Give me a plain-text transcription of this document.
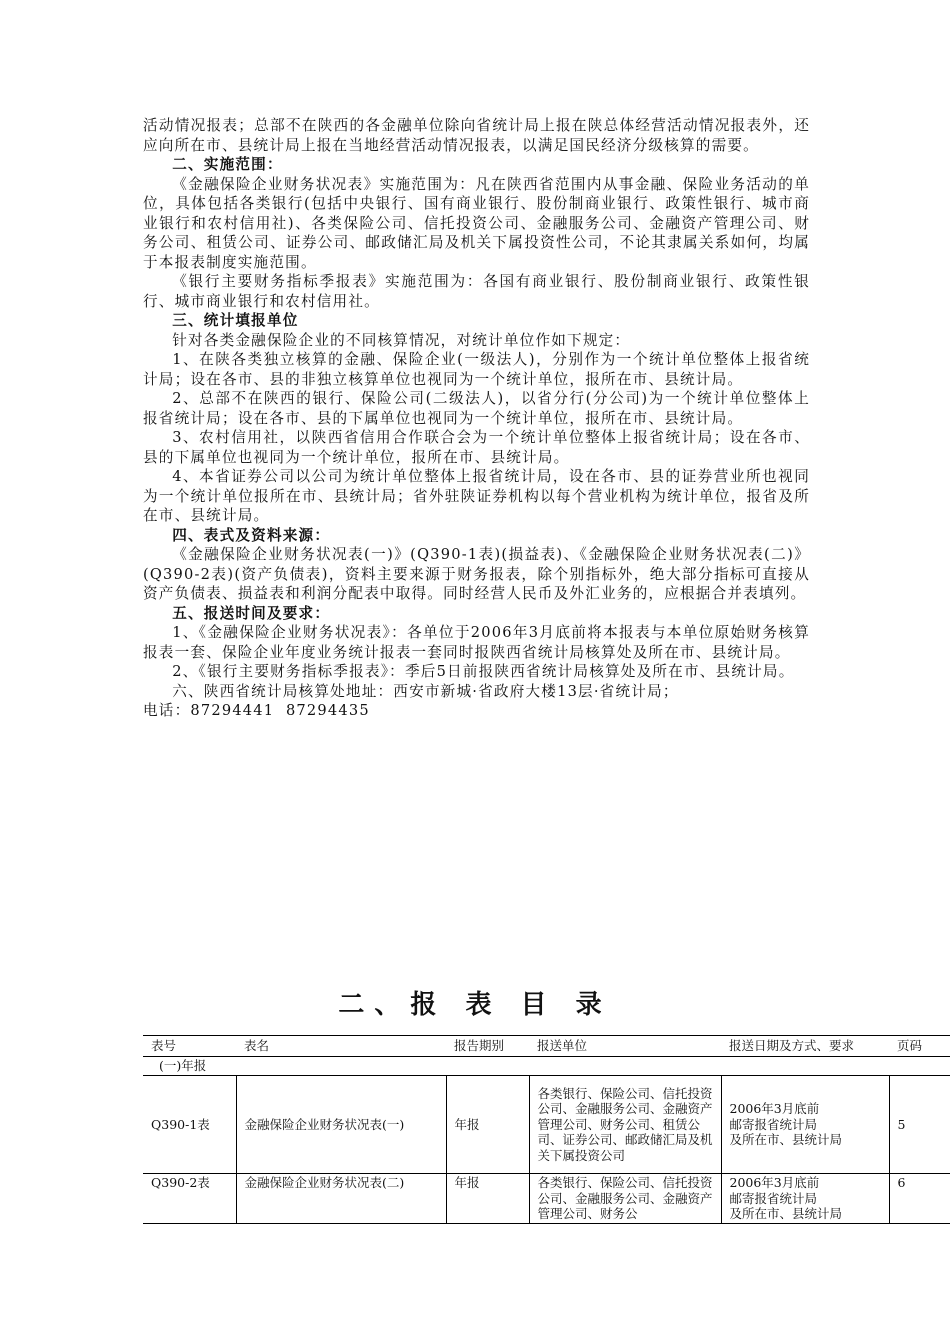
活动情况报表；总部不在陕西的各金融单位除向省统计局上报在陕总体经营活动情况报表外，还应向所在市、县统计局上报在当地经营活动情况报表，以满足国民经济分级核算的需要。

二、实施范围：

《金融保险企业财务状况表》实施范围为：凡在陕西省范围内从事金融、保险业务活动的单位，具体包括各类银行(包括中央银行、国有商业银行、股份制商业银行、政策性银行、城市商业银行和农村信用社)、各类保险公司、信托投资公司、金融服务公司、金融资产管理公司、财务公司、租赁公司、证券公司、邮政储汇局及机关下属投资性公司，不论其隶属关系如何，均属于本报表制度实施范围。

《银行主要财务指标季报表》实施范围为：各国有商业银行、股份制商业银行、政策性银行、城市商业银行和农村信用社。

三、统计填报单位

针对各类金融保险企业的不同核算情况，对统计单位作如下规定：

1、在陕各类独立核算的金融、保险企业(一级法人)，分别作为一个统计单位整体上报省统计局；设在各市、县的非独立核算单位也视同为一个统计单位，报所在市、县统计局。

2、总部不在陕西的银行、保险公司(二级法人)，以省分行(分公司)为一个统计单位整体上报省统计局；设在各市、县的下属单位也视同为一个统计单位，报所在市、县统计局。

3、农村信用社，以陕西省信用合作联合会为一个统计单位整体上报省统计局；设在各市、县的下属单位也视同为一个统计单位，报所在市、县统计局。

4、本省证券公司以公司为统计单位整体上报省统计局，设在各市、县的证券营业所也视同为一个统计单位报所在市、县统计局；省外驻陕证券机构以每个营业机构为统计单位，报省及所在市、县统计局。

四、表式及资料来源：

《金融保险企业财务状况表(一)》(Q390-1表)(损益表)、《金融保险企业财务状况表(二)》(Q390-2表)(资产负债表)，资料主要来源于财务报表，除个别指标外，绝大部分指标可直接从资产负债表、损益表和利润分配表中取得。同时经营人民币及外汇业务的，应根据合并表填列。

五、报送时间及要求：

1、《金融保险企业财务状况表》：各单位于2006年3月底前将本报表与本单位原始财务核算报表一套、保险企业年度业务统计报表一套同时报陕西省统计局核算处及所在市、县统计局。

2、《银行主要财务指标季报表》：季后5日前报陕西省统计局核算处及所在市、县统计局。

六、陕西省统计局核算处地址：西安市新城·省政府大楼13层·省统计局；

电话：87294441  87294435

二、报 表 目 录
表号	表名	报告期别	报送单位	报送日期及方式、要求	页码
(一)年报					
Q390-1表	金融保险企业财务状况表(一)	年报	各类银行、保险公司、信托投资公司、金融服务公司、金融资产管理公司、财务公司、租赁公司、证券公司、邮政储汇局及机关下属投资公司	2006年3月底前
邮寄报省统计局
及所在市、县统计局	5
Q390-2表	金融保险企业财务状况表(二)	年报	各类银行、保险公司、信托投资公司、金融服务公司、金融资产管理公司、财务公	2006年3月底前
邮寄报省统计局
及所在市、县统计局	6
